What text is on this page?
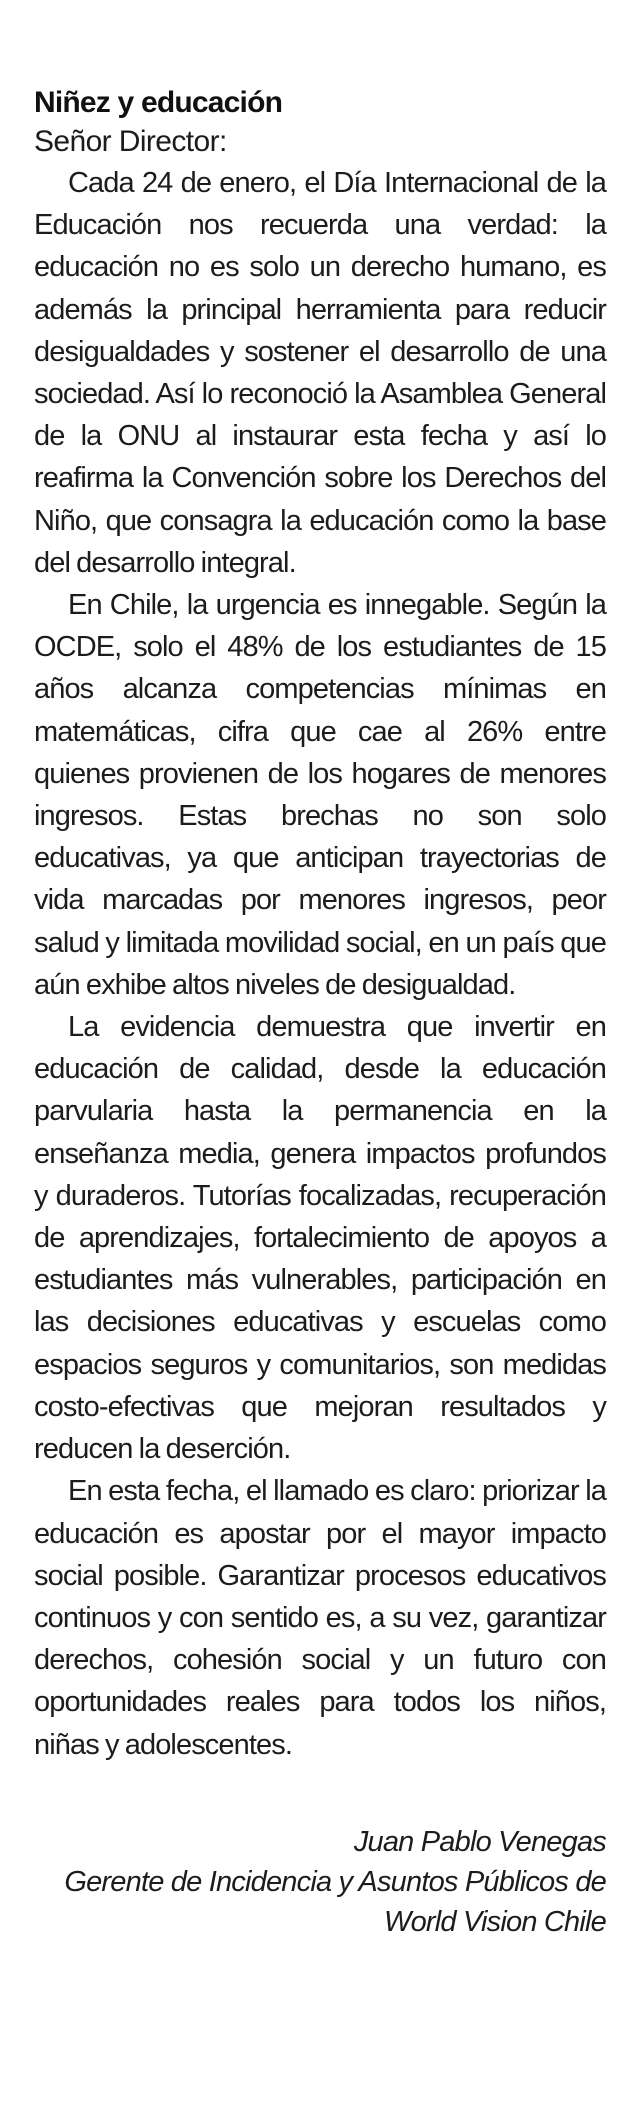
Niñez y educación

Señor Director:

Cada 24 de enero, el Día Internacional de la Educación nos recuerda una verdad: la educación no es solo un derecho humano, es además la principal herramienta para reducir desigualdades y sostener el desarrollo de una sociedad. Así lo reconoció la Asamblea General de la ONU al instaurar esta fecha y así lo reafirma la Convención sobre los Derechos del Niño, que consagra la educación como la base del desarrollo integral.

En Chile, la urgencia es innegable. Según la OCDE, solo el 48% de los estudiantes de 15 años alcanza competencias mínimas en matemáticas, cifra que cae al 26% entre quienes provienen de los hogares de menores ingresos. Estas brechas no son solo educativas, ya que anticipan trayectorias de vida marcadas por menores ingresos, peor salud y limitada movilidad social, en un país que aún exhibe altos niveles de desigualdad.

La evidencia demuestra que invertir en educación de calidad, desde la educación parvularia hasta la permanencia en la enseñanza media, genera impactos profundos y duraderos. Tutorías focalizadas, recuperación de aprendizajes, fortalecimiento de apoyos a estudiantes más vulnerables, participación en las decisiones educativas y escuelas como espacios seguros y comunitarios, son medidas costo-efectivas que mejoran resultados y reducen la deserción.

En esta fecha, el llamado es claro: priorizar la educación es apostar por el mayor impacto social posible. Garantizar procesos educativos continuos y con sentido es, a su vez, garantizar derechos, cohesión social y un futuro con oportunidades reales para todos los niños, niñas y adolescentes.

Juan Pablo Venegas
Gerente de Incidencia y Asuntos Públicos de
World Vision Chile
